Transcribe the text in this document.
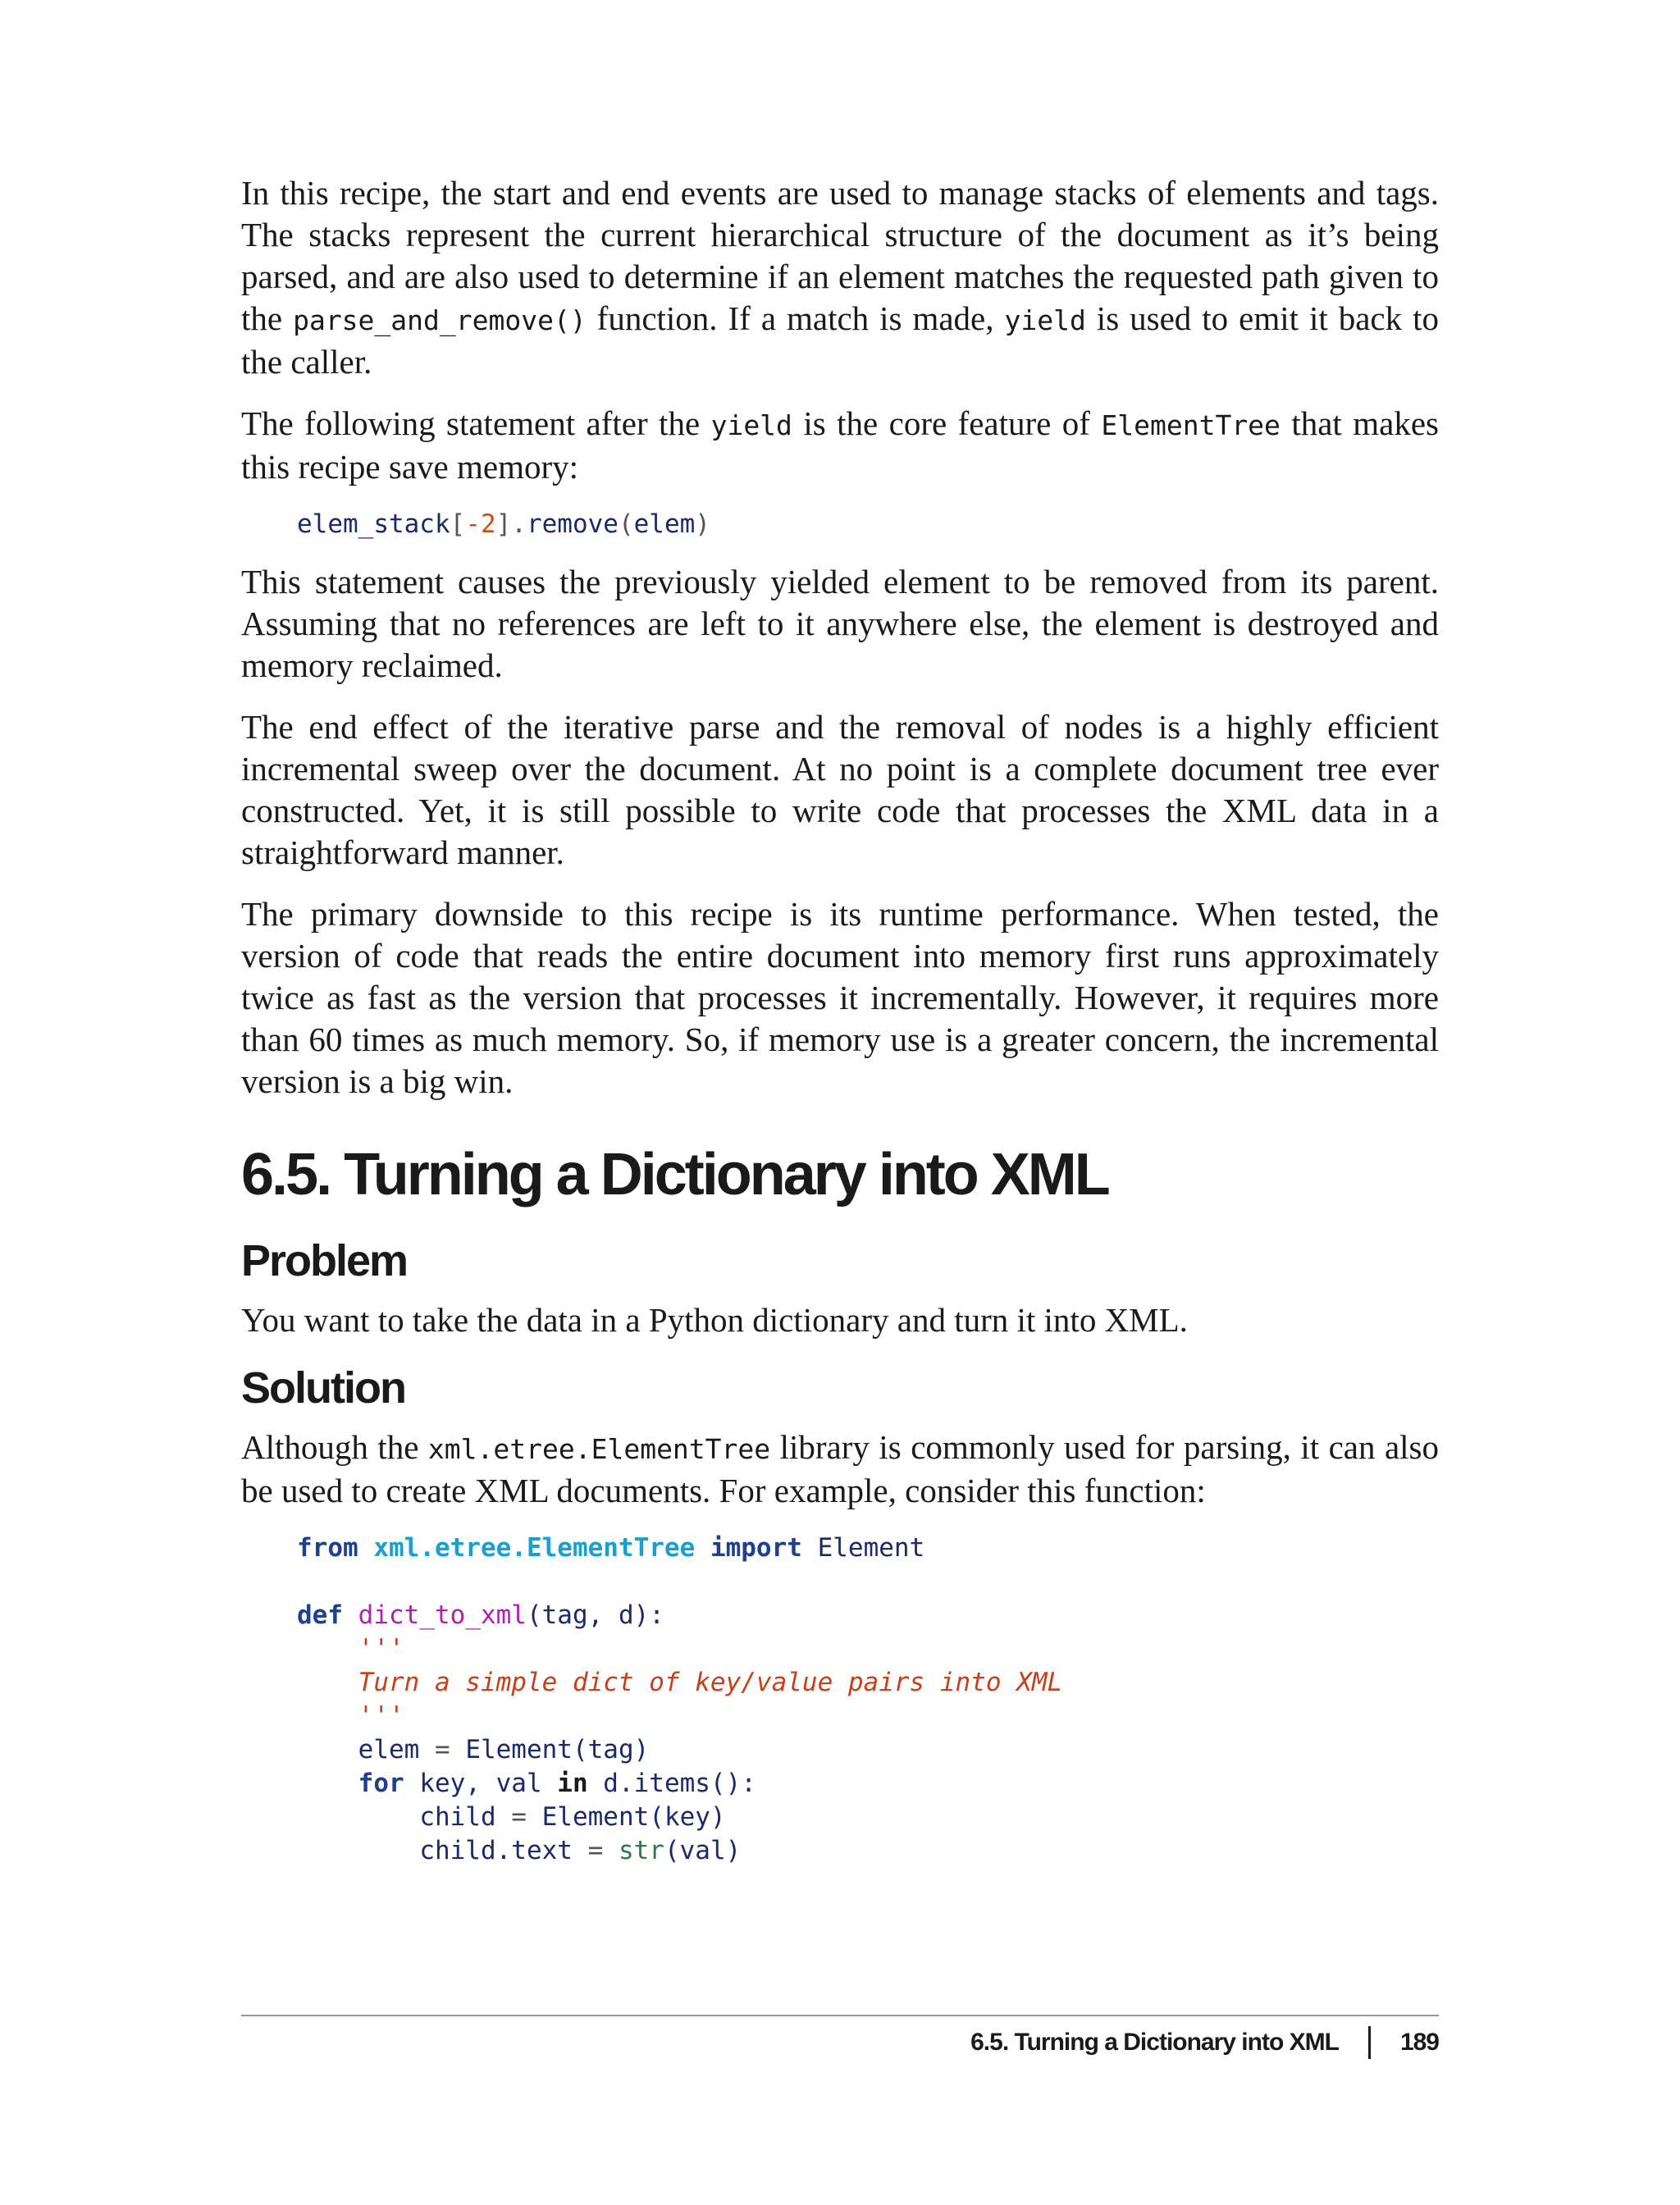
In this recipe, the start and end events are used to manage stacks of elements and tags. The stacks represent the current hierarchical structure of the document as it’s being parsed, and are also used to determine if an element matches the requested path given to the parse_and_remove() function. If a match is made, yield is used to emit it back to the caller.

The following statement after the yield is the core feature of ElementTree that makes this recipe save memory:

elem_stack[-2].remove(elem)

This statement causes the previously yielded element to be removed from its parent. Assuming that no references are left to it anywhere else, the element is destroyed and memory reclaimed.

The end effect of the iterative parse and the removal of nodes is a highly efficient incremental sweep over the document. At no point is a complete document tree ever constructed. Yet, it is still possible to write code that processes the XML data in a straightforward manner.

The primary downside to this recipe is its runtime performance. When tested, the version of code that reads the entire document into memory first runs approximately twice as fast as the version that processes it incrementally. However, it requires more than 60 times as much memory. So, if memory use is a greater concern, the incremental version is a big win.

6.5. Turning a Dictionary into XML
Problem

You want to take the data in a Python dictionary and turn it into XML.

Solution

Although the xml.etree.ElementTree library is commonly used for parsing, it can also be used to create XML documents. For example, consider this function:

from xml.etree.ElementTree import Element

def dict_to_xml(tag, d):
'''
Turn a simple dict of key/value pairs into XML
'''
elem = Element(tag)
for key, val in d.items():
child = Element(key)
child.text = str(val)
6.5. Turning a Dictionary into XML	189
